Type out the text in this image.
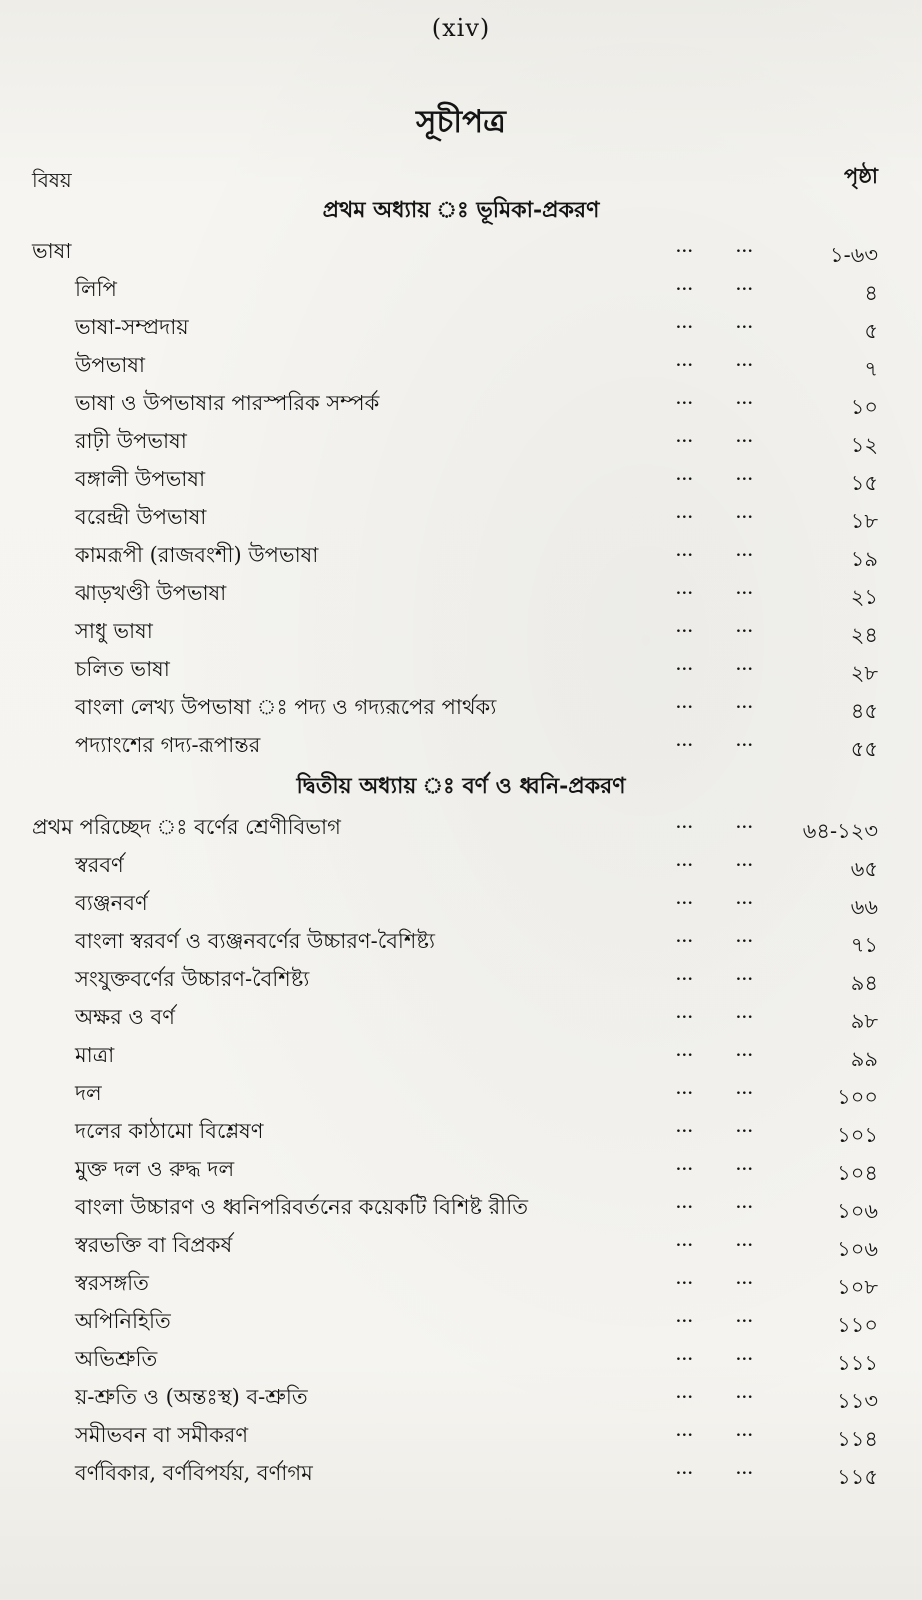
(xiv)
সূচীপত্র
বিষয়	পৃষ্ঠা
প্রথম অধ্যায় ঃ ভূমিকা-প্রকরণ
ভাষা	...	...	১-৬৩
লিপি	...	...	৪
ভাষা-সম্প্রদায়	...	...	৫
উপভাষা	...	...	৭
ভাষা ও উপভাষার পারস্পরিক সম্পর্ক	...	...	১০
রাঢ়ী উপভাষা	...	...	১২
বঙ্গালী উপভাষা	...	...	১৫
বরেন্দ্রী উপভাষা	...	...	১৮
কামরূপী (রাজবংশী) উপভাষা	...	...	১৯
ঝাড়খণ্ডী উপভাষা	...	...	২১
সাধু ভাষা	...	...	২৪
চলিত ভাষা	...	...	২৮
বাংলা লেখ্য উপভাষা ঃ পদ্য ও গদ্যরূপের পার্থক্য	...	...	৪৫
পদ্যাংশের গদ্য-রূপান্তর	...	...	৫৫
দ্বিতীয় অধ্যায় ঃ বর্ণ ও ধ্বনি-প্রকরণ
প্রথম পরিচ্ছেদ ঃ বর্ণের শ্রেণীবিভাগ	...	... ৬৪-১২৩
স্বরবর্ণ	...	...	৬৫
ব্যঞ্জনবর্ণ	...	...	৬৬
বাংলা স্বরবর্ণ ও ব্যঞ্জনবর্ণের উচ্চারণ-বৈশিষ্ট্য	...	...	৭১
সংযুক্তবর্ণের উচ্চারণ-বৈশিষ্ট্য	...	...	৯৪
অক্ষর ও বর্ণ	...	...	৯৮
মাত্রা	...	...	৯৯
দল	...	...	১০০
দলের কাঠামো বিশ্লেষণ	...	...	১০১
মুক্ত দল ও রুদ্ধ দল	...	...	১০৪
বাংলা উচ্চারণ ও ধ্বনিপরিবর্তনের কয়েকটি বিশিষ্ট রীতি	...	...	১০৬
স্বরভক্তি বা বিপ্রকর্ষ	...	...	১০৬
স্বরসঙ্গতি	...	...	১০৮
অপিনিহিতি	...	...	১১০
অভিশ্রুতি	...	...	১১১
য়-শ্রুতি ও (অন্তঃস্থ) ব-শ্রুতি	...	...	১১৩
সমীভবন বা সমীকরণ	...	...	১১৪
বর্ণবিকার, বর্ণবিপর্যয়, বর্ণাগম	...	...	১১৫
